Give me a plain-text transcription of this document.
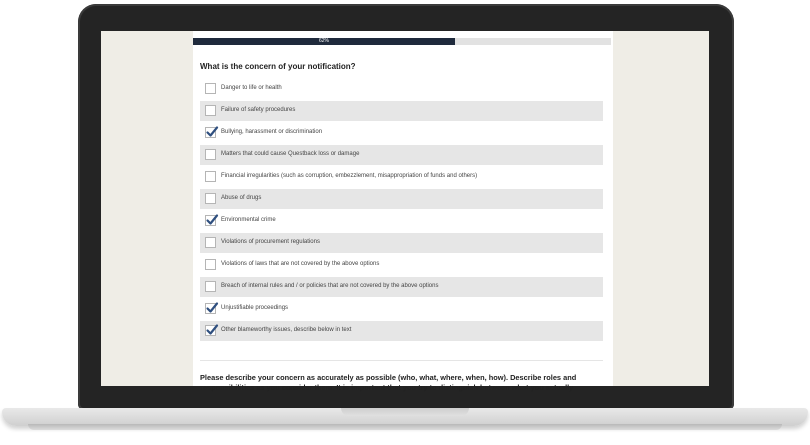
62%
What is the concern of your notification?
Danger to life or health
Failure of safety procedures
Bullying, harassment or discrimination
Matters that could cause Questback loss or damage
Financial irregularities (such as corruption, embezzlement, misappropriation of funds and others)
Abuse of drugs
Environmental crime
Violations of procurement regulations
Violations of laws that are not covered by the above options
Breach of internal rules and / or policies that are not covered by the above options
Unjustifiable proceedings
Other blameworthy issues, describe below in text
Please describe your concern as accurately as possible (who, what, where, when, how). Describe roles and responsibilities as you consider them. It is important that you try to distinguish between what you actually
